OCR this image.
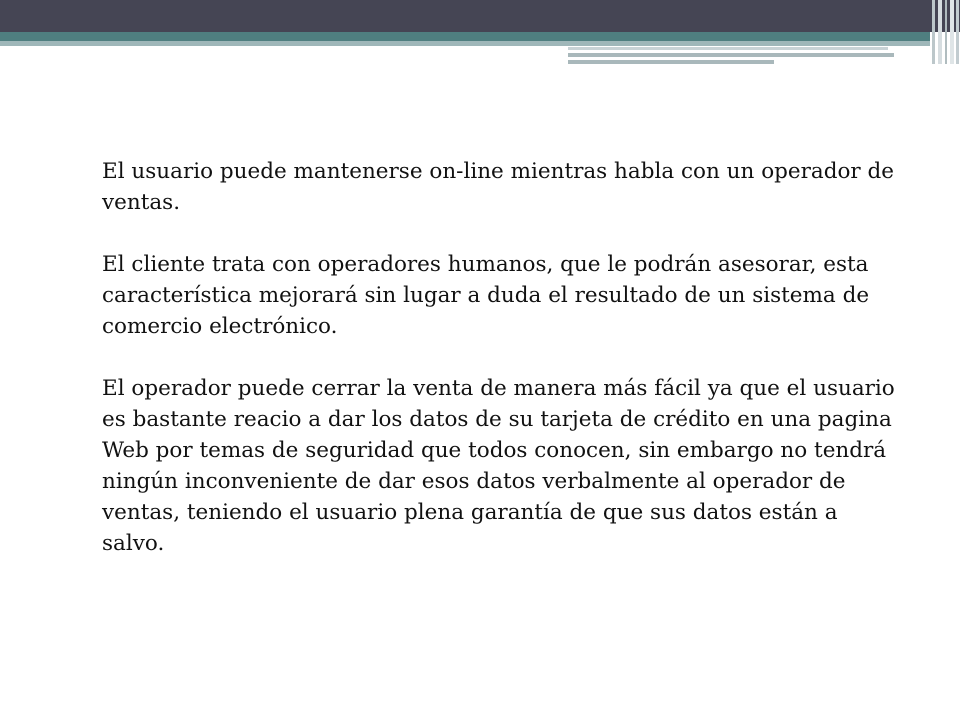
El usuario puede mantenerse on-line mientras habla con un operador de ventas.

El cliente trata con operadores humanos, que le podrán asesorar, esta característica mejorará sin lugar a duda el resultado de un sistema de comercio electrónico.

El operador puede cerrar la venta de manera más fácil ya que el usuario es bastante reacio a dar los datos de su tarjeta de crédito en una pagina Web por temas de seguridad que todos conocen, sin embargo no tendrá ningún inconveniente de dar esos datos verbalmente al operador de ventas, teniendo el usuario plena garantía de que sus datos están a salvo.
